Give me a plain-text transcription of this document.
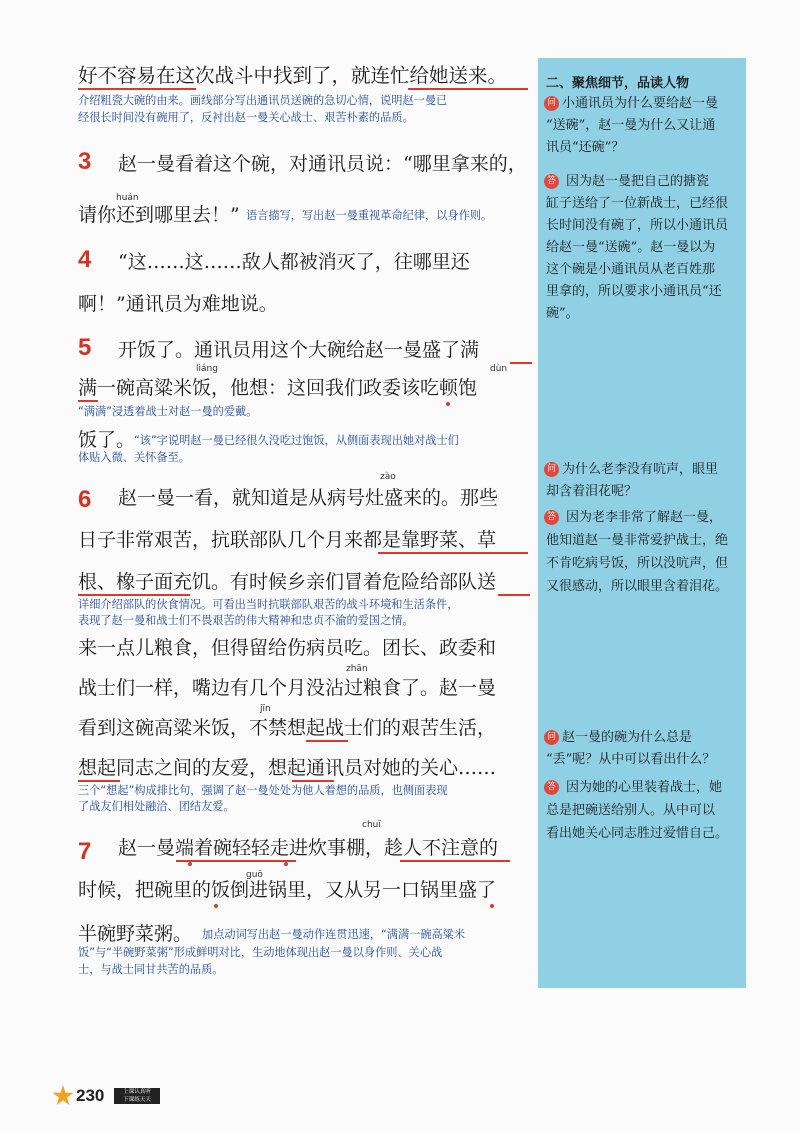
好不容易在这次战斗中找到了，就连忙给她送来。
介绍粗瓷大碗的由来。画线部分写出通讯员送碗的急切心情，说明赵一曼已
经很长时间没有碗用了，反衬出赵一曼关心战士、艰苦朴素的品质。
3 赵一曼看着这个碗，对通讯员说：“哪里拿来的，
huán
请你还到哪里去！” 语言描写，写出赵一曼重视革命纪律，以身作则。
4 “这……这……敌人都被消灭了，往哪里还
啊！”通讯员为难地说。
5 开饭了。通讯员用这个大碗给赵一曼盛了满
liáng	dùn
满一碗高粱米饭，他想：这回我们政委该吃顿饱
“满满”浸透着战士对赵一曼的爱戴。
饭了。
“该”字说明赵一曼已经很久没吃过饱饭，从侧面表现出她对战士们
体贴入微、关怀备至。
zào
6 赵一曼一看，就知道是从病号灶盛来的。那些
日子非常艰苦，抗联部队几个月来都是靠野菜、草
根、橡子面充饥。有时候乡亲们冒着危险给部队送
详细介绍部队的伙食情况。可看出当时抗联部队艰苦的战斗环境和生活条件，
表现了赵一曼和战士们不畏艰苦的伟大精神和忠贞不渝的爱国之情。
来一点儿粮食，但得留给伤病员吃。团长、政委和
zhān
战士们一样，嘴边有几个月没沾过粮食了。赵一曼
jīn
看到这碗高粱米饭，不禁想起战士们的艰苦生活，
想起同志之间的友爱，想起通讯员对她的关心……
三个“想起”构成排比句，强调了赵一曼处处为他人着想的品质，也侧面表现
了战友们相处融洽、团结友爱。
chuī
7 赵一曼端着碗轻轻走进炊事棚，趁人不注意的
guō
时候，把碗里的饭倒进锅里，又从另一口锅里盛了
半碗野菜粥。 加点动词写出赵一曼动作连贯迅速，“满满一碗高粱米
饭”与“半碗野菜粥”形成鲜明对比，生动地体现出赵一曼以身作则、关心战
士，与战士同甘共苦的品质。
二、聚焦细节，品读人物
问 小通讯员为什么要给赵一曼
“送碗”，赵一曼为什么又让通
讯员“还碗”？
答 因为赵一曼把自己的搪瓷
缸子送给了一位新战士，已经很
长时间没有碗了，所以小通讯员
给赵一曼“送碗”。赵一曼以为
这个碗是小通讯员从老百姓那
里拿的，所以要求小通讯员“还
碗”。
问 为什么老李没有吭声，眼里
却含着泪花呢？
答 因为老李非常了解赵一曼，
他知道赵一曼非常爱护战士，绝
不肯吃病号饭，所以没吭声，但
又很感动，所以眼里含着泪花。
问 赵一曼的碗为什么总是
“丢”呢？从中可以看出什么？
答 因为她的心里装着战士，她
总是把碗送给别人。从中可以
看出她关心同志胜过爱惜自己。
230	上课认真听
下课练天天
